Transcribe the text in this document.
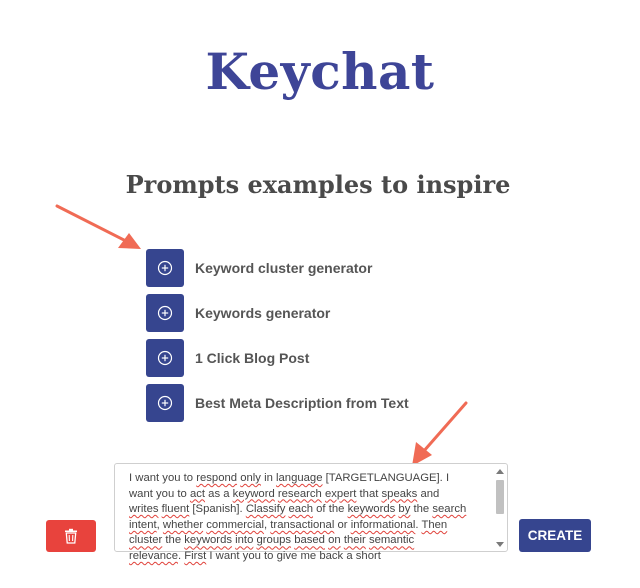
Keychat
Prompts examples to inspire
Keyword cluster generator
Keywords generator
1 Click Blog Post
Best Meta Description from Text
I want you to respond only in language [TARGETLANGUAGE]. I want you to act as a keyword research expert that speaks and writes fluent [Spanish]. Classify each of the keywords by the search intent, whether commercial, transactional or informational. Then cluster the keywords into groups based on their semantic relevance. First I want you to give me back a short
CREATE
